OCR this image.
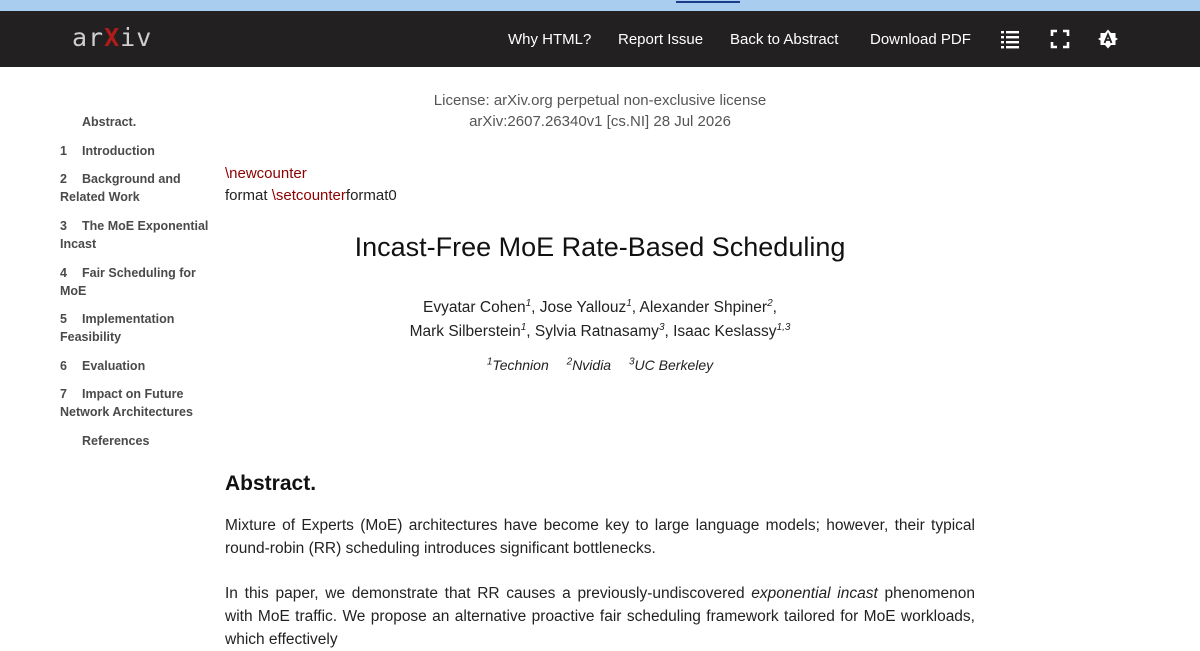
arXiv	Why HTML? Report Issue Back to Abstract Download PDF
Abstract.
1 Introduction
2 Background and Related Work
3 The MoE Exponential Incast
4 Fair Scheduling for MoE
5 Implementation Feasibility
6 Evaluation
7 Impact on Future Network Architectures
References
License: arXiv.org perpetual non-exclusive license
arXiv:2607.26340v1 [cs.NI] 28 Jul 2026
\newcounter
format \setcounterformat0
Incast-Free MoE Rate-Based Scheduling
Evyatar Cohen$^1$, Jose Yallouz$^1$, Alexander Shpiner$^2$,
Mark Silberstein$^1$, Sylvia Ratnasamy$^3$, Isaac Keslassy$^{1,3}$
$^1$Technion $^2$Nvidia $^3$UC Berkeley
Abstract.
Mixture of Experts (MoE) architectures have become key to large language models; however, their typical round-robin (RR) scheduling introduces significant bottlenecks.
In this paper, we demonstrate that RR causes a previously-undiscovered exponential incast phenomenon with MoE traffic. We propose an alternative proactive fair scheduling framework tailored for MoE workloads, which effectively
